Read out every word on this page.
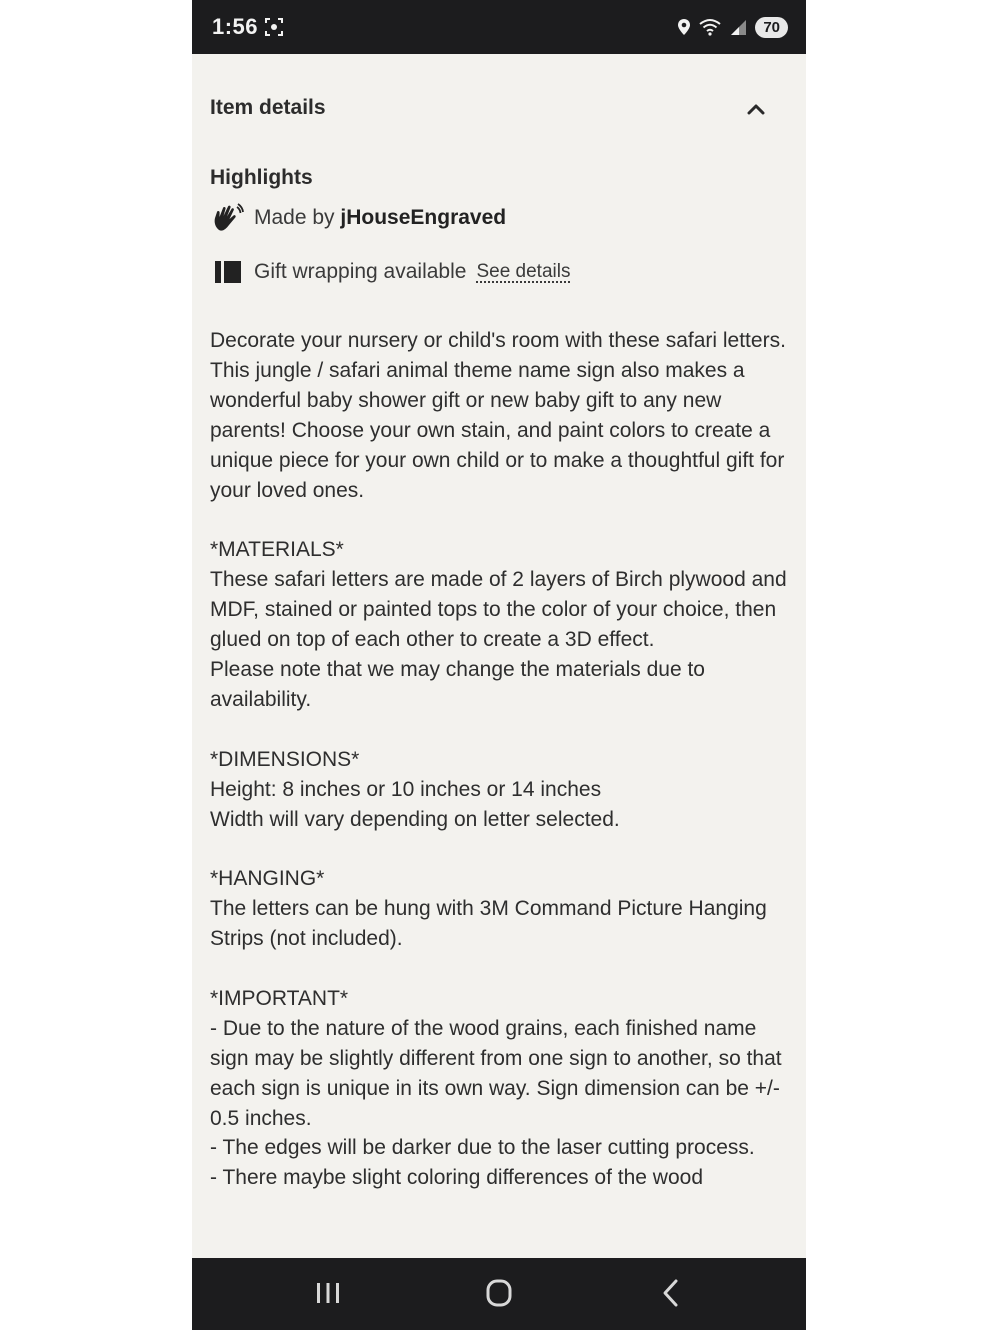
1:56	70
Item details
Highlights
Made by jHouseEngraved
Gift wrapping available See details
Decorate your nursery or child's room with these safari letters. This jungle / safari animal theme name sign also makes a wonderful baby shower gift or new baby gift to any new parents! Choose your own stain, and paint colors to create a unique piece for your own child or to make a thoughtful gift for your loved ones.

*MATERIALS*
These safari letters are made of 2 layers of Birch plywood and MDF, stained or painted tops to the color of your choice, then glued on top of each other to create a 3D effect.
Please note that we may change the materials due to availability.

*DIMENSIONS*
Height: 8 inches or 10 inches or 14 inches
Width will vary depending on letter selected.

*HANGING*
The letters can be hung with 3M Command Picture Hanging Strips (not included).

*IMPORTANT*
- Due to the nature of the wood grains, each finished name sign may be slightly different from one sign to another, so that each sign is unique in its own way. Sign dimension can be +/- 0.5 inches.
- The edges will be darker due to the laser cutting process.
- There maybe slight coloring differences of the wood
